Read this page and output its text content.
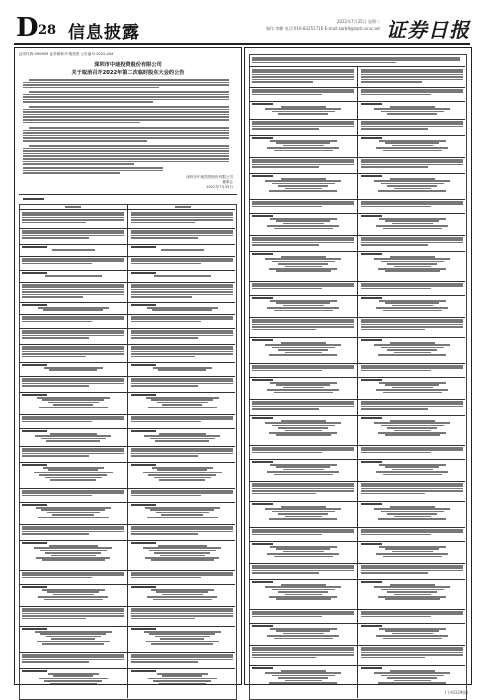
D 28 信息披露
2022年7月25日 星期二
制作:李鹏 电话:010-83251716 E-mail:zqrb9@zqrb.sina.net 证券日报
证券代码:000609 证券简称:中迪投资 公告编号:2022-044
深圳市中迪投资股份有限公司
关于取消召开2022年第二次临时股东大会的公告
深圳市中迪投资股份有限公司
董事会
2022年7月25日
(下转D29版)
